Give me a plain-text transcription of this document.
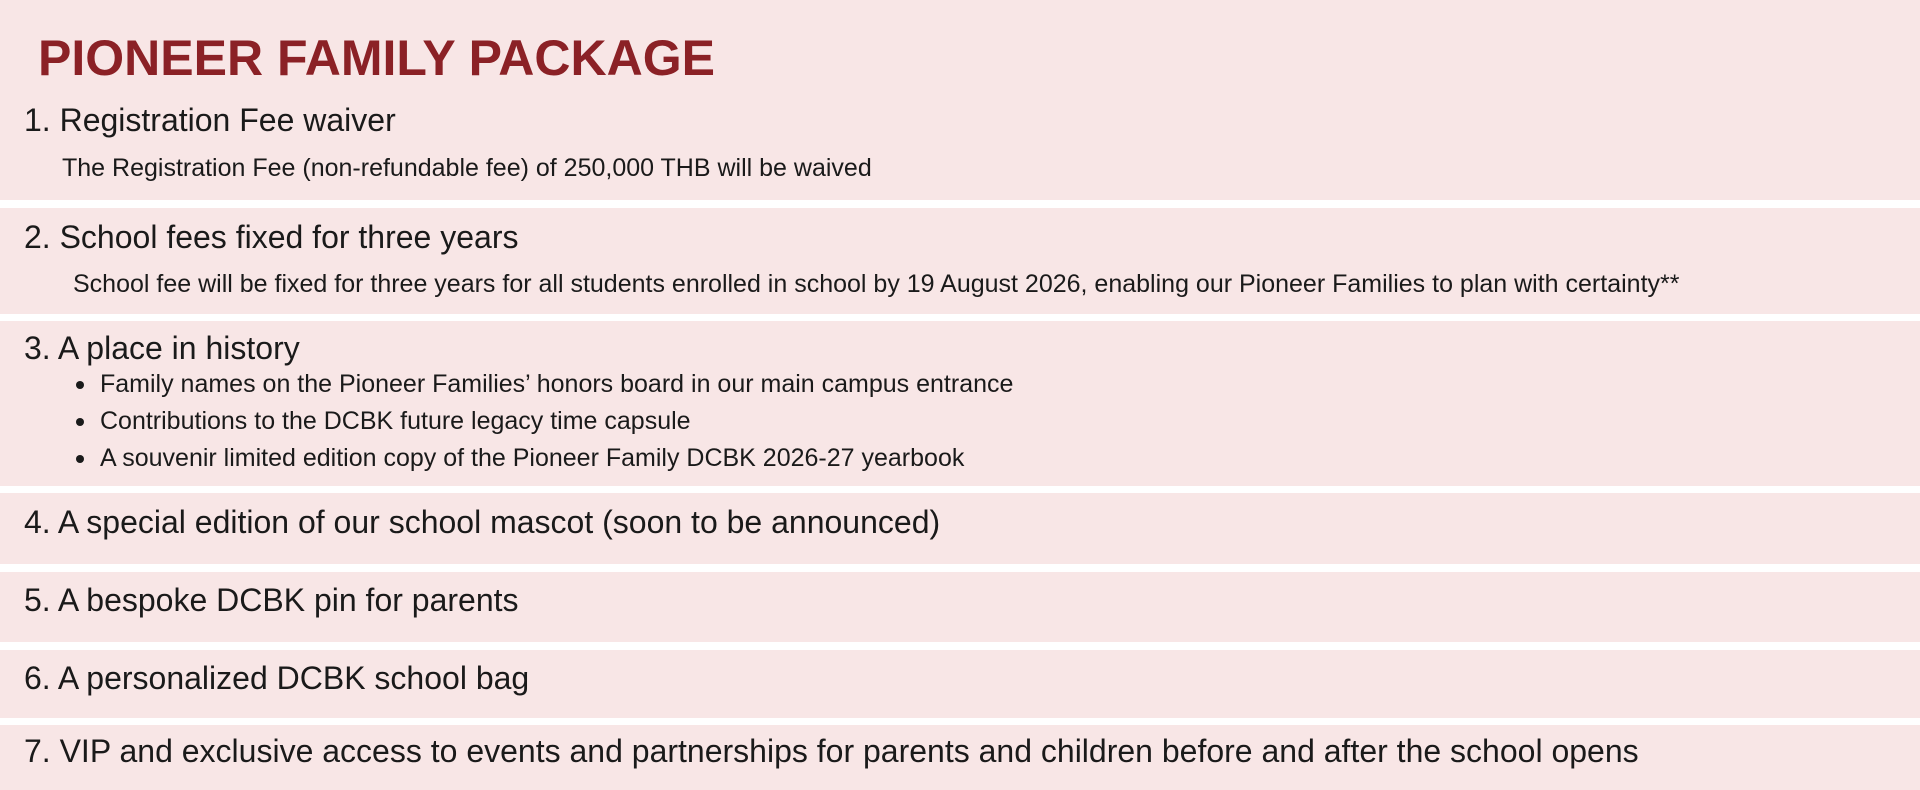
PIONEER FAMILY PACKAGE
1. Registration Fee waiver

The Registration Fee (non-refundable fee) of 250,000 THB will be waived

2. School fees fixed for three years

School fee will be fixed for three years for all students enrolled in school by 19 August 2026, enabling our Pioneer Families to plan with certainty**

3. A place in history
Family names on the Pioneer Families’ honors board in our main campus entrance
Contributions to the DCBK future legacy time capsule
A souvenir limited edition copy of the Pioneer Family DCBK 2026-27 yearbook
4. A special edition of our school mascot (soon to be announced)
5. A bespoke DCBK pin for parents
6. A personalized DCBK school bag
7. VIP and exclusive access to events and partnerships for parents and children before and after the school opens
